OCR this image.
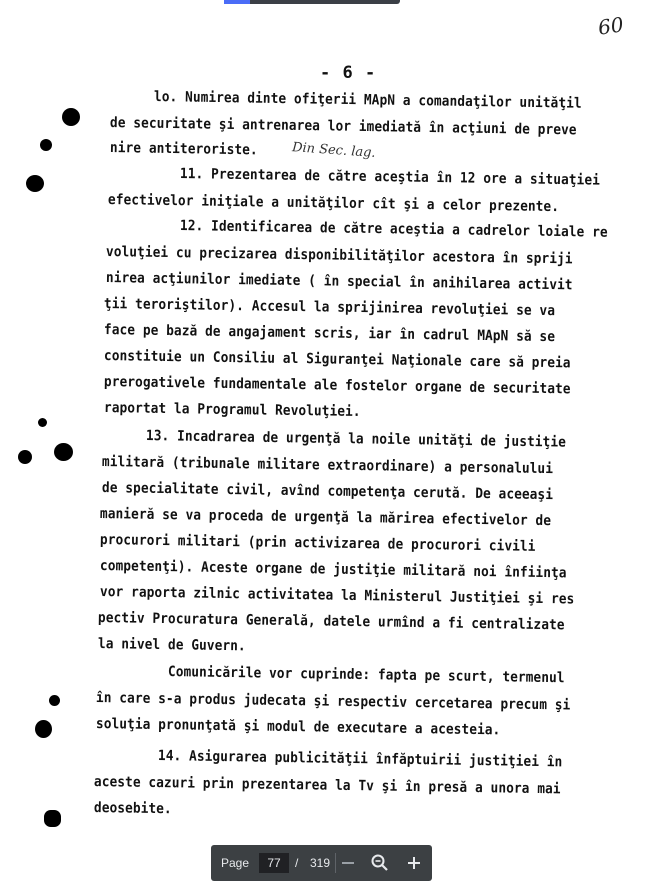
60
- 6 -
lo. Numirea dinte ofiţerii MApN a comandaţilor unităţil
de securitate şi antrenarea lor imediată în acţiuni de preve
nire antiteroriste.	Din Sec. lag.
11. Prezentarea de către aceştia în 12 ore a situaţiei
efectivelor iniţiale a unităţilor cît şi a celor prezente.
12. Identificarea de către aceştia a cadrelor loiale re
voluţiei cu precizarea disponibilităţilor acestora în spriji
nirea acţiunilor imediate ( în special în anihilarea activit
ţii teroriştilor). Accesul la sprijinirea revoluţiei se va
face pe bază de angajament scris, iar în cadrul MApN să se
constituie un Consiliu al Siguranţei Naţionale care să preia
prerogativele fundamentale ale fostelor organe de securitate
raportat la Programul Revoluţiei.
13. Incadrarea de urgenţă la noile unităţi de justiţie
militară (tribunale militare extraordinare) a personalului
de specialitate civil, avînd competenţa cerută. De aceeaşi
manieră se va proceda de urgenţă la mărirea efectivelor de
procurori militari (prin activizarea de procurori civili
competenţi). Aceste organe de justiţie militară noi înfiinţa
vor raporta zilnic activitatea la Ministerul Justiţiei şi res
pectiv Procuratura Generală, datele urmînd a fi centralizate
la nivel de Guvern.
Comunicările vor cuprinde: fapta pe scurt, termenul
în care s-a produs judecata şi respectiv cercetarea precum şi
soluţia pronunţată şi modul de executare a acesteia.
14. Asigurarea publicităţii înfăptuirii justiţiei în
aceste cazuri prin prezentarea la Tv şi în presă a unora mai
deosebite.
Page	77	/ 319
